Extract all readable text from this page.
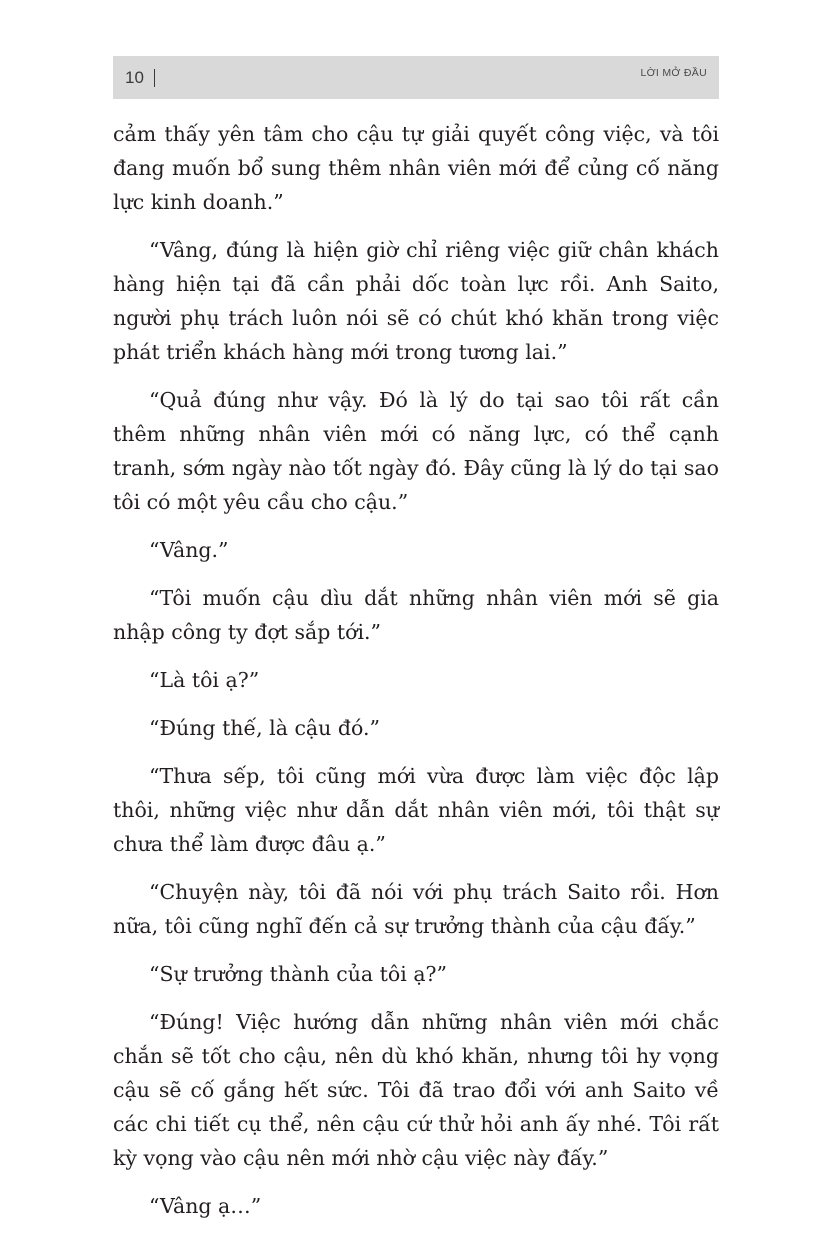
10	LỜI MỞ ĐẦU

cảm thấy yên tâm cho cậu tự giải quyết công việc, và tôi đang muốn bổ sung thêm nhân viên mới để củng cố năng lực kinh doanh.”

“Vâng, đúng là hiện giờ chỉ riêng việc giữ chân khách hàng hiện tại đã cần phải dốc toàn lực rồi. Anh Saito, người phụ trách luôn nói sẽ có chút khó khăn trong việc phát triển khách hàng mới trong tương lai.”

“Quả đúng như vậy. Đó là lý do tại sao tôi rất cần thêm những nhân viên mới có năng lực, có thể cạnh tranh, sớm ngày nào tốt ngày đó. Đây cũng là lý do tại sao tôi có một yêu cầu cho cậu.”

“Vâng.”

“Tôi muốn cậu dìu dắt những nhân viên mới sẽ gia nhập công ty đợt sắp tới.”

“Là tôi ạ?”

“Đúng thế, là cậu đó.”

“Thưa sếp, tôi cũng mới vừa được làm việc độc lập thôi, những việc như dẫn dắt nhân viên mới, tôi thật sự chưa thể làm được đâu ạ.”

“Chuyện này, tôi đã nói với phụ trách Saito rồi. Hơn nữa, tôi cũng nghĩ đến cả sự trưởng thành của cậu đấy.”

“Sự trưởng thành của tôi ạ?”

“Đúng! Việc hướng dẫn những nhân viên mới chắc chắn sẽ tốt cho cậu, nên dù khó khăn, nhưng tôi hy vọng cậu sẽ cố gắng hết sức. Tôi đã trao đổi với anh Saito về các chi tiết cụ thể, nên cậu cứ thử hỏi anh ấy nhé. Tôi rất kỳ vọng vào cậu nên mới nhờ cậu việc này đấy.”

“Vâng ạ…”
